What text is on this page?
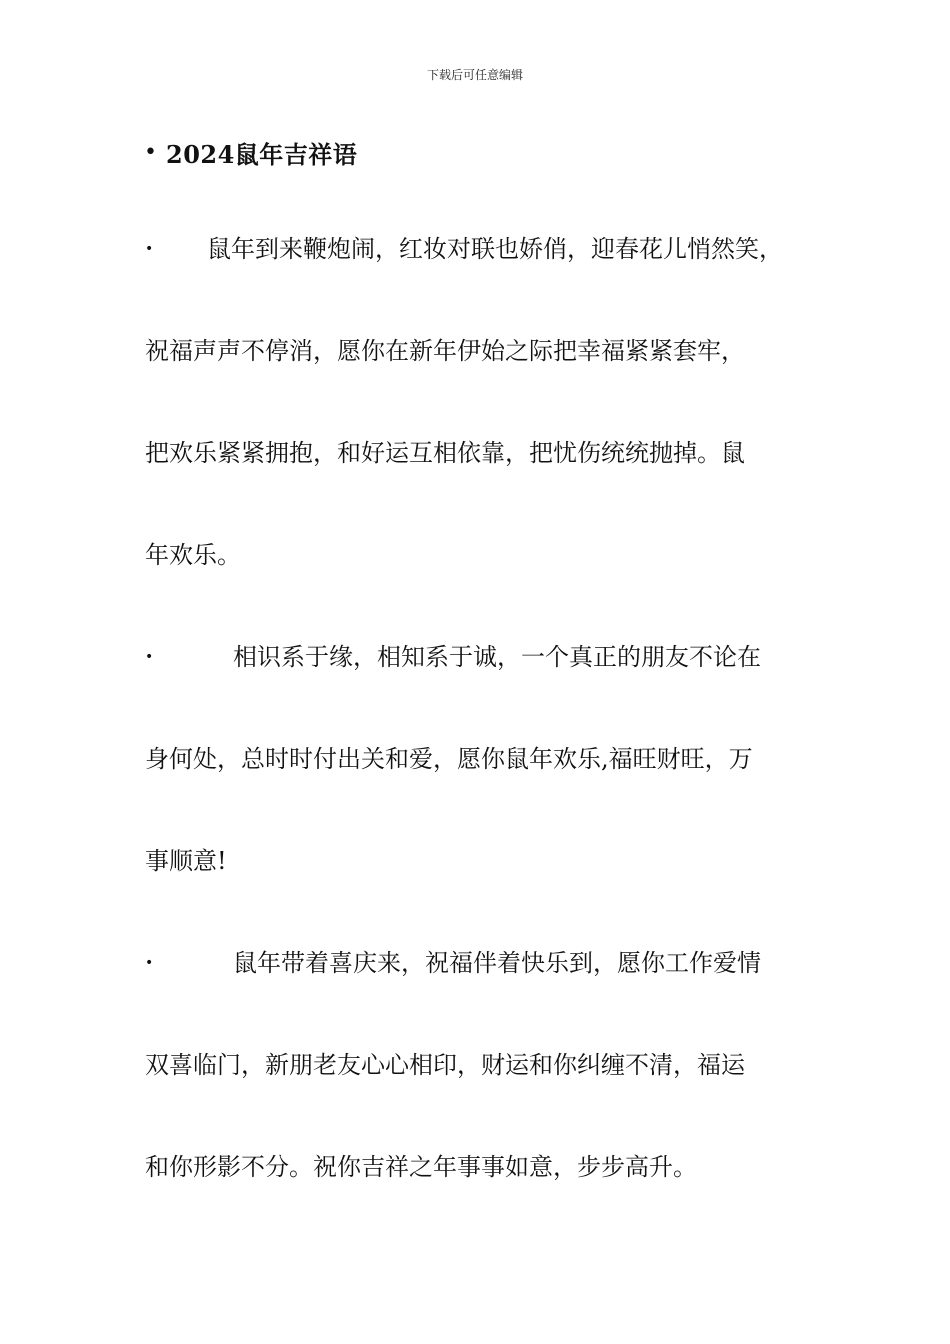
下载后可任意编辑
• 2024鼠年吉祥语
•	鼠年到来鞭炮闹，红妆对联也娇俏，迎春花儿悄然笑，
祝福声声不停消，愿你在新年伊始之际把幸福紧紧套牢，
把欢乐紧紧拥抱，和好运互相依靠，把忧伤统统抛掉。鼠
年欢乐。
•	相识系于缘，相知系于诚，一个真正的朋友不论在
身何处，总时时付出关和爱，愿你鼠年欢乐,福旺财旺，万
事顺意!
•	鼠年带着喜庆来，祝福伴着快乐到，愿你工作爱情
双喜临门，新朋老友心心相印，财运和你纠缠不清，福运
和你形影不分。祝你吉祥之年事事如意，步步高升。
